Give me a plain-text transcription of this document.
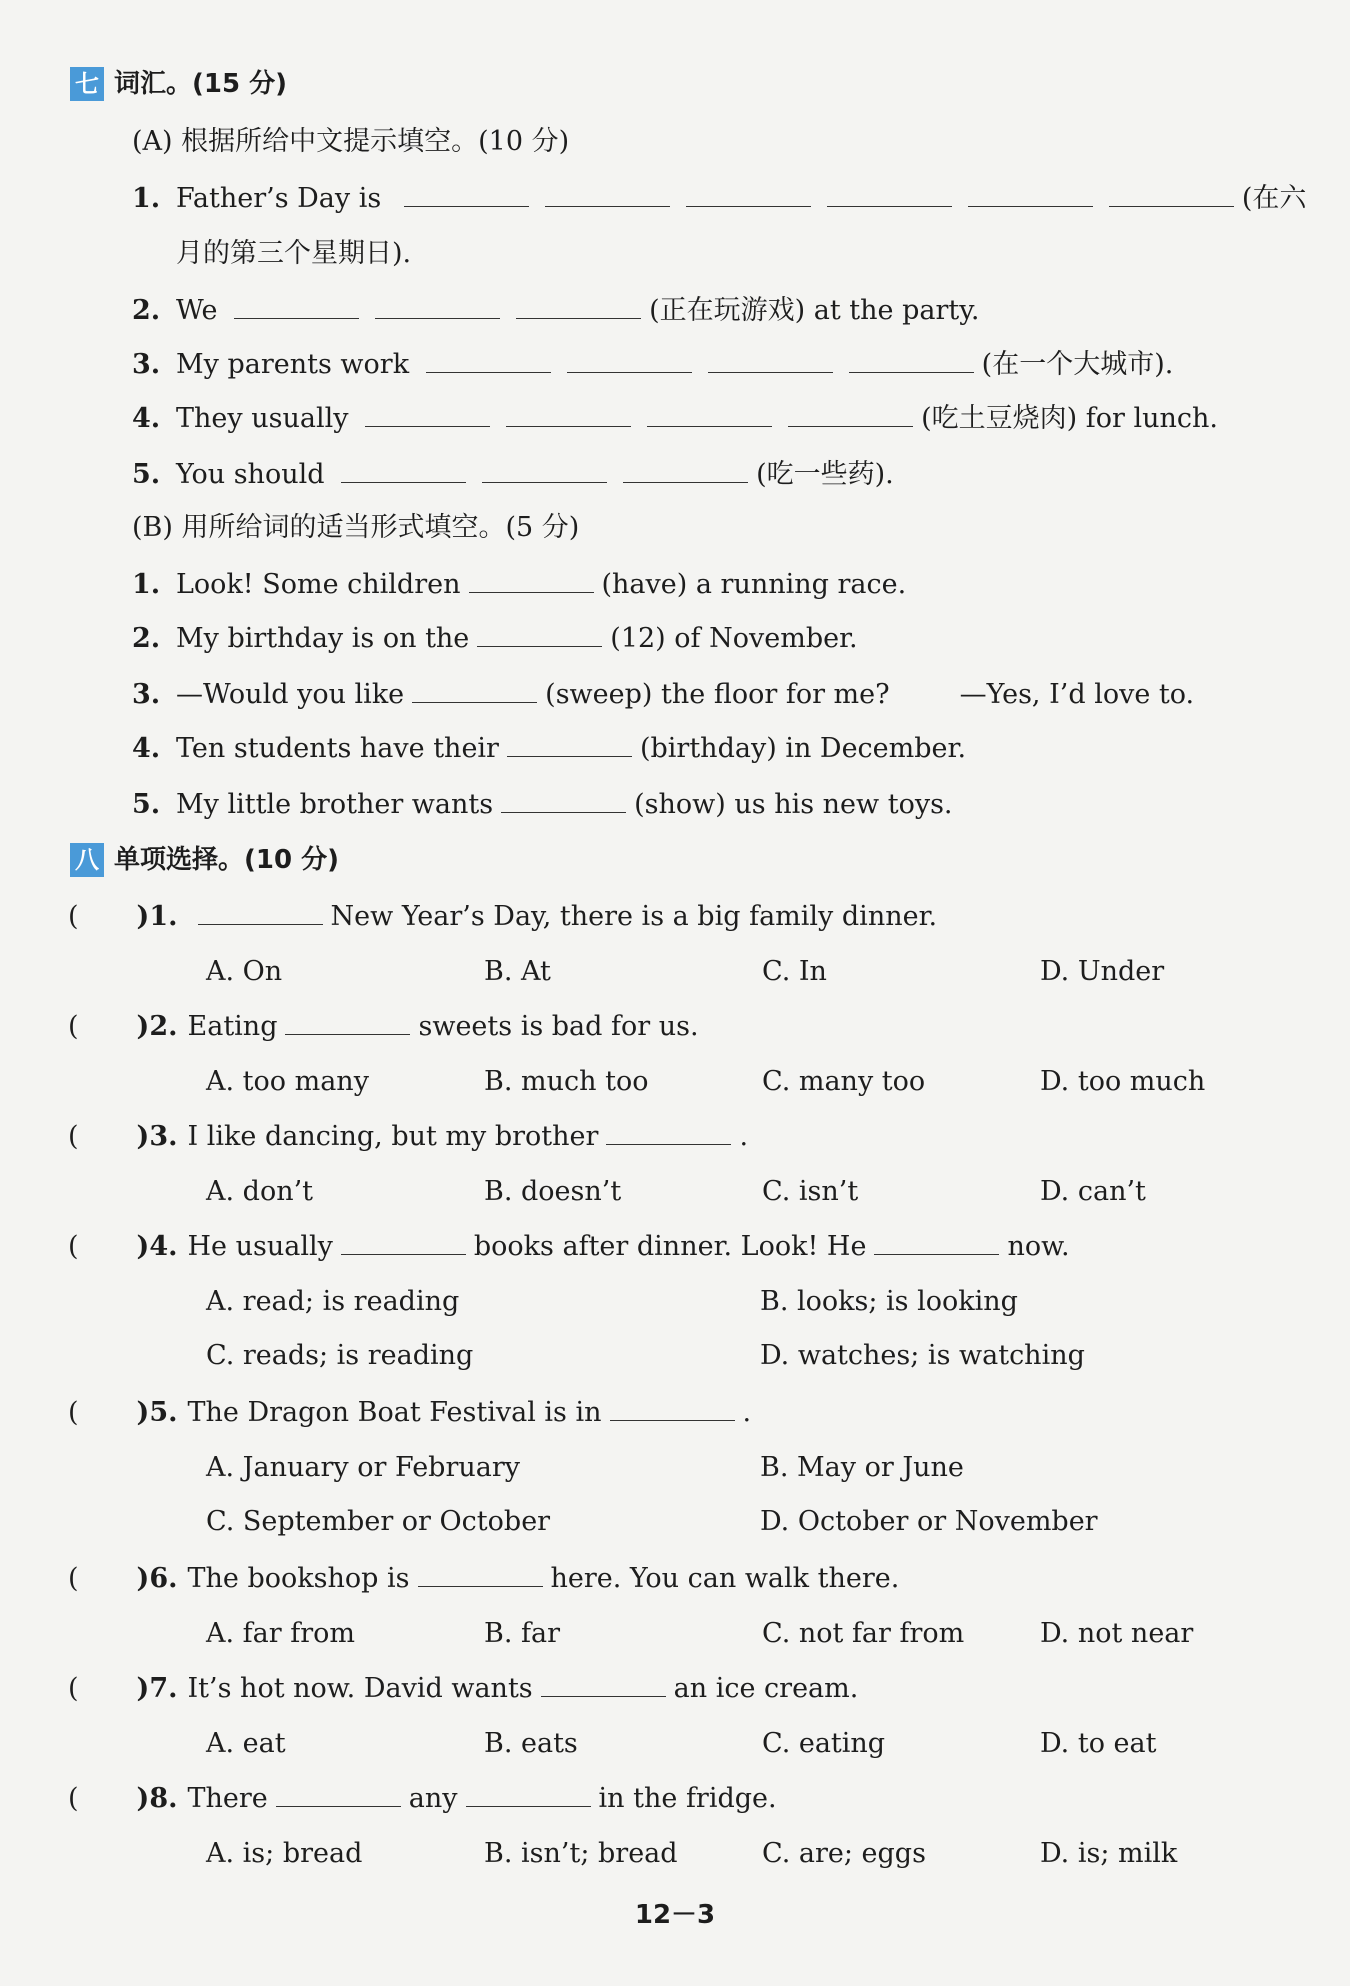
七 词汇。(15 分)
(A) 根据所给中文提示填空。(10 分)
1. Father’s Day is	(在六
月的第三个星期日).
2. We	(正在玩游戏) at the party.
3. My parents work	(在一个大城市).
4. They usually	(吃土豆烧肉) for lunch.
5. You should	(吃一些药).
(B) 用所给词的适当形式填空。(5 分)
1. Look! Some children	(have) a running race.
2. My birthday is on the	(12) of November.
3. —Would you like	(sweep) the floor for me?	—Yes, I’d love to.
4. Ten students have their	(birthday) in December.
5. My little brother wants	(show) us his new toys.
八 单项选择。(10 分)
( )1.	New Year’s Day, there is a big family dinner.
A. On	B. At	C. In	D. Under
( )2. Eating	sweets is bad for us.
A. too many	B. much too	C. many too	D. too much
( )3. I like dancing, but my brother	.
A. don’t	B. doesn’t	C. isn’t	D. can’t
( )4. He usually	books after dinner. Look! He	now.
A. read; is reading	B. looks; is looking
C. reads; is reading	D. watches; is watching
( )5. The Dragon Boat Festival is in	.
A. January or February	B. May or June
C. September or October	D. October or November
( )6. The bookshop is	here. You can walk there.
A. far from	B. far	C. not far from	D. not near
( )7. It’s hot now. David wants	an ice cream.
A. eat	B. eats	C. eating	D. to eat
( )8. There	any	in the fridge.
A. is; bread	B. isn’t; bread	C. are; eggs	D. is; milk
12－3
